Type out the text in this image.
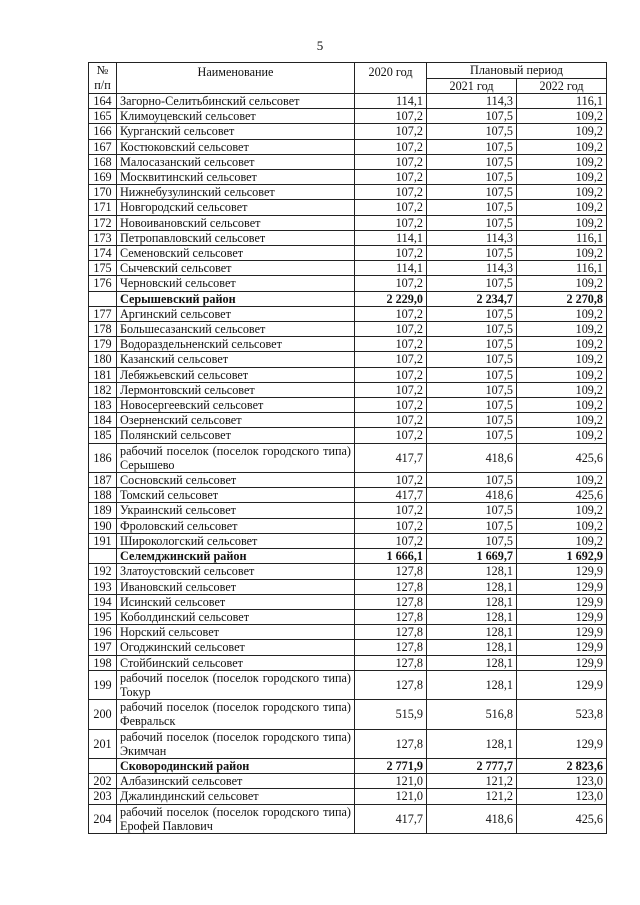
5
№
п/п	Наименование	2020 год	Плановый период	
			2021 год	2022 год
164	Загорно-Селитьбинский сельсовет	114,1	114,3	116,1
165	Климоуцевский сельсовет	107,2	107,5	109,2
166	Курганский сельсовет	107,2	107,5	109,2
167	Костюковский сельсовет	107,2	107,5	109,2
168	Малосазанский сельсовет	107,2	107,5	109,2
169	Москвитинский сельсовет	107,2	107,5	109,2
170	Нижнебузулинский сельсовет	107,2	107,5	109,2
171	Новгородский сельсовет	107,2	107,5	109,2
172	Новоивановский сельсовет	107,2	107,5	109,2
173	Петропавловский сельсовет	114,1	114,3	116,1
174	Семеновский сельсовет	107,2	107,5	109,2
175	Сычевский сельсовет	114,1	114,3	116,1
176	Черновский сельсовет	107,2	107,5	109,2
	Серышевский район	2 229,0	2 234,7	2 270,8
177	Аргинский сельсовет	107,2	107,5	109,2
178	Большесазанский сельсовет	107,2	107,5	109,2
179	Водораздельненский сельсовет	107,2	107,5	109,2
180	Казанский сельсовет	107,2	107,5	109,2
181	Лебяжьевский сельсовет	107,2	107,5	109,2
182	Лермонтовский сельсовет	107,2	107,5	109,2
183	Новосергеевский сельсовет	107,2	107,5	109,2
184	Озерненский сельсовет	107,2	107,5	109,2
185	Полянский сельсовет	107,2	107,5	109,2
186	рабочий поселок (поселок городского типа) Серышево	417,7	418,6	425,6
187	Сосновский сельсовет	107,2	107,5	109,2
188	Томский сельсовет	417,7	418,6	425,6
189	Украинский сельсовет	107,2	107,5	109,2
190	Фроловский сельсовет	107,2	107,5	109,2
191	Широкологский сельсовет	107,2	107,5	109,2
	Селемджинский район	1 666,1	1 669,7	1 692,9
192	Златоустовский сельсовет	127,8	128,1	129,9
193	Ивановский сельсовет	127,8	128,1	129,9
194	Исинский сельсовет	127,8	128,1	129,9
195	Коболдинский сельсовет	127,8	128,1	129,9
196	Норский сельсовет	127,8	128,1	129,9
197	Огоджинский сельсовет	127,8	128,1	129,9
198	Стойбинский сельсовет	127,8	128,1	129,9
199	рабочий поселок (поселок городского типа) Токур	127,8	128,1	129,9
200	рабочий поселок (поселок городского типа) Февральск	515,9	516,8	523,8
201	рабочий поселок (поселок городского типа) Экимчан	127,8	128,1	129,9
	Сковородинский район	2 771,9	2 777,7	2 823,6
202	Албазинский сельсовет	121,0	121,2	123,0
203	Джалиндинский сельсовет	121,0	121,2	123,0
204	рабочий поселок (поселок городского типа) Ерофей Павлович	417,7	418,6	425,6
